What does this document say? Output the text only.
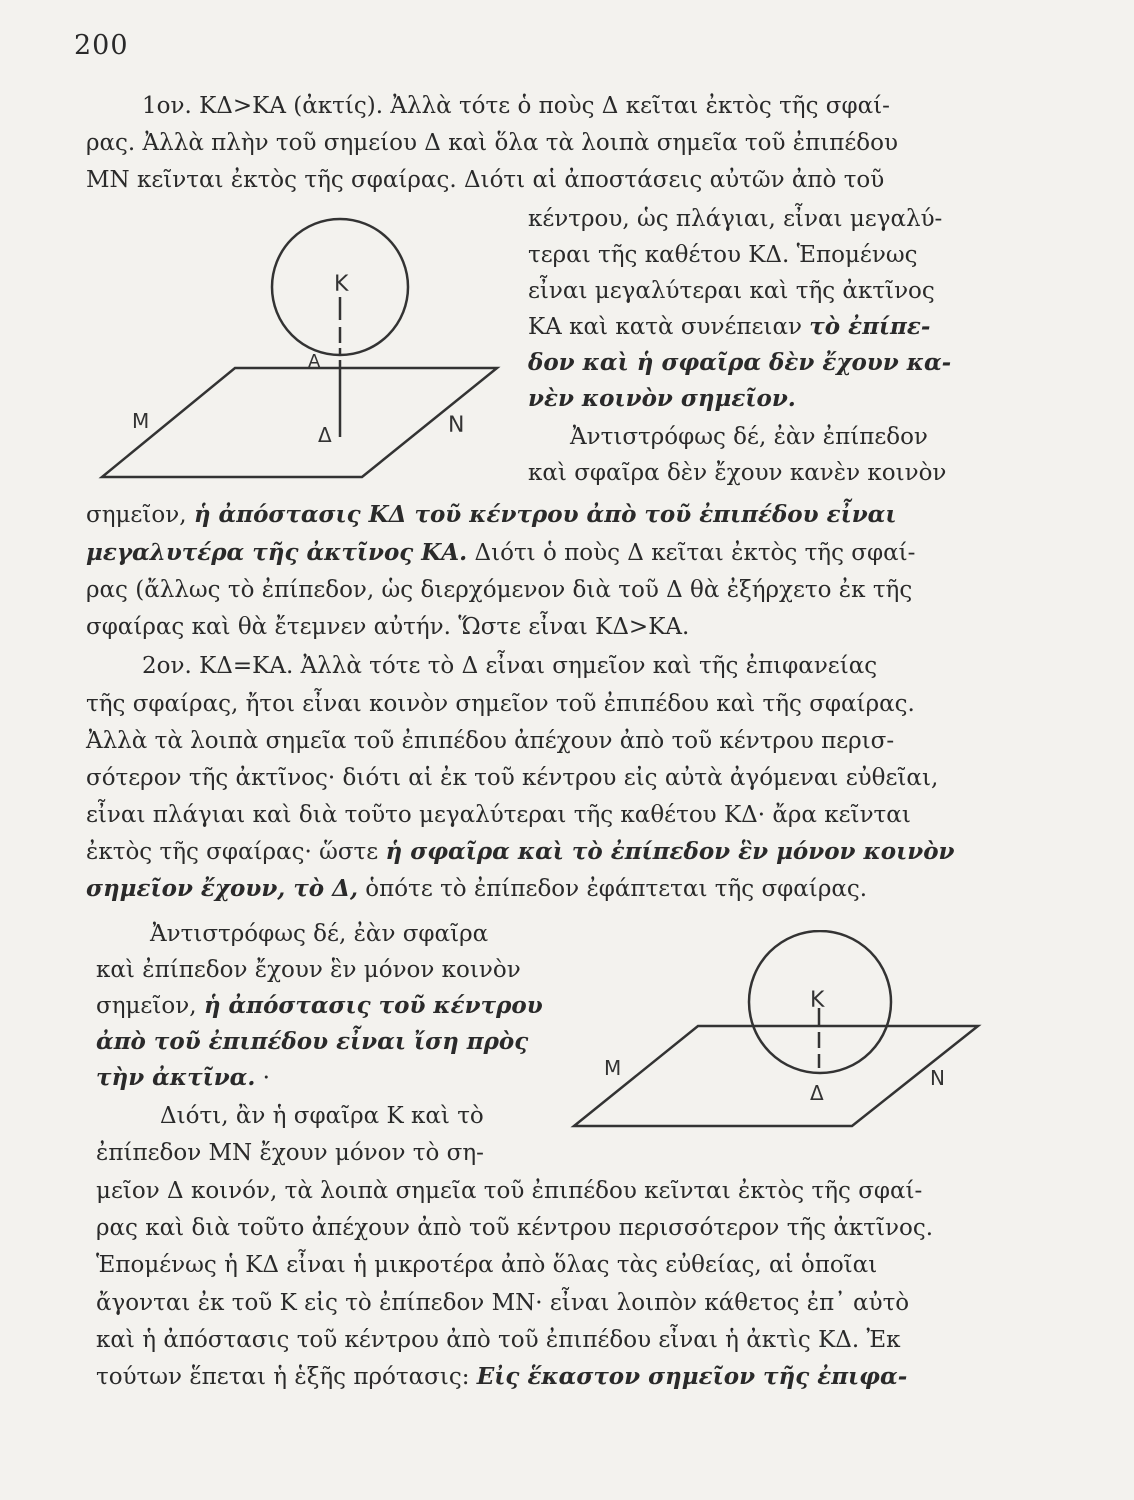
200
1ον. ΚΔ>ΚΑ (ἀκτίς). Ἀλλὰ τότε ὁ ποὺς Δ κεῖται ἐκτὸς τῆς σφαί-
ρας. Ἀλλὰ πλὴν τοῦ σημείου Δ καὶ ὅλα τὰ λοιπὰ σημεῖα τοῦ ἐπιπέδου
ΜΝ κεῖνται ἐκτὸς τῆς σφαίρας. Διότι αἱ ἀποστάσεις αὐτῶν ἀπὸ τοῦ
κέντρου, ὡς πλάγιαι, εἶναι μεγαλύ-
τεραι τῆς καθέτου ΚΔ. Ἑπομένως
εἶναι μεγαλύτεραι καὶ τῆς ἀκτῖνος
ΚΑ καὶ κατὰ συνέπειαν τὸ ἐπίπε-
δον καὶ ἡ σφαῖρα δὲν ἔχουν κα-
νὲν κοινὸν σημεῖον.
Ἀντιστρόφως δέ, ἐὰν ἐπίπεδον
καὶ σφαῖρα δὲν ἔχουν κανὲν κοινὸν
σημεῖον, ἡ ἀπόστασις ΚΔ τοῦ κέντρου ἀπὸ τοῦ ἐπιπέδου εἶναι
μεγαλυτέρα τῆς ἀκτῖνος ΚΑ. Διότι ὁ ποὺς Δ κεῖται ἐκτὸς τῆς σφαί-
ρας (ἄλλως τὸ ἐπίπεδον, ὡς διερχόμενον διὰ τοῦ Δ θὰ ἐξήρχετο ἐκ τῆς
σφαίρας καὶ θὰ ἔτεμνεν αὐτήν. Ὥστε εἶναι ΚΔ>ΚΑ.
2ον. ΚΔ=ΚΑ. Ἀλλὰ τότε τὸ Δ εἶναι σημεῖον καὶ τῆς ἐπιφανείας
τῆς σφαίρας, ἤτοι εἶναι κοινὸν σημεῖον τοῦ ἐπιπέδου καὶ τῆς σφαίρας.
Ἀλλὰ τὰ λοιπὰ σημεῖα τοῦ ἐπιπέδου ἀπέχουν ἀπὸ τοῦ κέντρου περισ-
σότερον τῆς ἀκτῖνος· διότι αἱ ἐκ τοῦ κέντρου εἰς αὐτὰ ἀγόμεναι εὐθεῖαι,
εἶναι πλάγιαι καὶ διὰ τοῦτο μεγαλύτεραι τῆς καθέτου ΚΔ· ἄρα κεῖνται
ἐκτὸς τῆς σφαίρας· ὥστε ἡ σφαῖρα καὶ τὸ ἐπίπεδον ἓν μόνον κοινὸν
σημεῖον ἔχουν, τὸ Δ, ὁπότε τὸ ἐπίπεδον ἐφάπτεται τῆς σφαίρας.
Ἀντιστρόφως δέ, ἐὰν σφαῖρα
καὶ ἐπίπεδον ἔχουν ἓν μόνον κοινὸν
σημεῖον, ἡ ἀπόστασις τοῦ κέντρου
ἀπὸ τοῦ ἐπιπέδου εἶναι ἴση πρὸς
τὴν ἀκτῖνα. ·
Διότι, ἂν ἡ σφαῖρα Κ καὶ τὸ
ἐπίπεδον ΜΝ ἔχουν μόνον τὸ ση-
μεῖον Δ κοινόν, τὰ λοιπὰ σημεῖα τοῦ ἐπιπέδου κεῖνται ἐκτὸς τῆς σφαί-
ρας καὶ διὰ τοῦτο ἀπέχουν ἀπὸ τοῦ κέντρου περισσότερον τῆς ἀκτῖνος.
Ἑπομένως ἡ ΚΔ εἶναι ἡ μικροτέρα ἀπὸ ὅλας τὰς εὐθείας, αἱ ὁποῖαι
ἄγονται ἐκ τοῦ Κ εἰς τὸ ἐπίπεδον ΜΝ· εἶναι λοιπὸν κάθετος ἐπ᾽ αὐτὸ
καὶ ἡ ἀπόστασις τοῦ κέντρου ἀπὸ τοῦ ἐπιπέδου εἶναι ἡ ἀκτὶς ΚΔ. Ἐκ
τούτων ἕπεται ἡ ἑξῆς πρότασις: Εἰς ἕκαστον σημεῖον τῆς ἐπιφα-
Κ
Α
Δ
Μ	Ν
Κ
Δ
Μ	Ν
